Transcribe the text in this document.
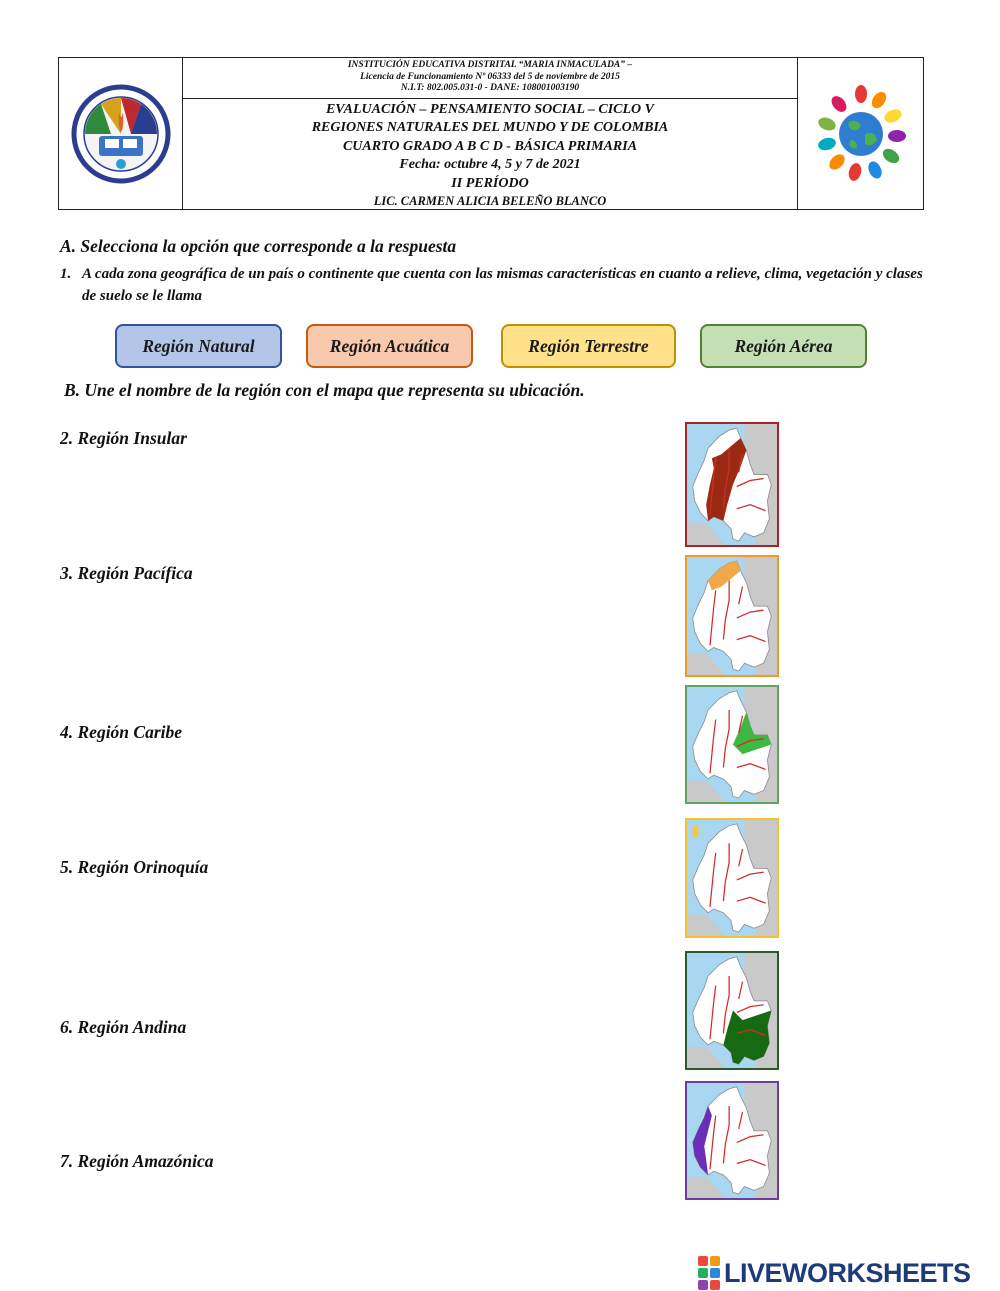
INSTITUCIÓN EDUCATIVA DISTRITAL “MARIA INMACULADA” –
Licencia de Funcionamiento Nº 06333 del 5 de noviembre de 2015
N.I.T: 802.005.031-0 - DANE: 108001003190
EVALUACIÓN – PENSAMIENTO SOCIAL – CICLO V
REGIONES NATURALES DEL MUNDO Y DE COLOMBIA
CUARTO GRADO A B C D - BÁSICA PRIMARIA
Fecha: octubre 4, 5 y 7 de 2021
II PERÍODO
LIC. CARMEN ALICIA BELEÑO BLANCO
A. Selecciona la opción que corresponde a la respuesta
1. A cada zona geográfica de un país o continente que cuenta con las mismas características en cuanto a relieve, clima, vegetación y clases de suelo se le llama
Región Natural	Región Acuática	Región Terrestre	Región Aérea
B. Une el nombre de la región con el mapa que representa su ubicación.
2. Región Insular
3. Región Pacífica
4. Región Caribe
5. Región Orinoquía
6. Región Andina
7. Región Amazónica
LIVEWORKSHEETS
